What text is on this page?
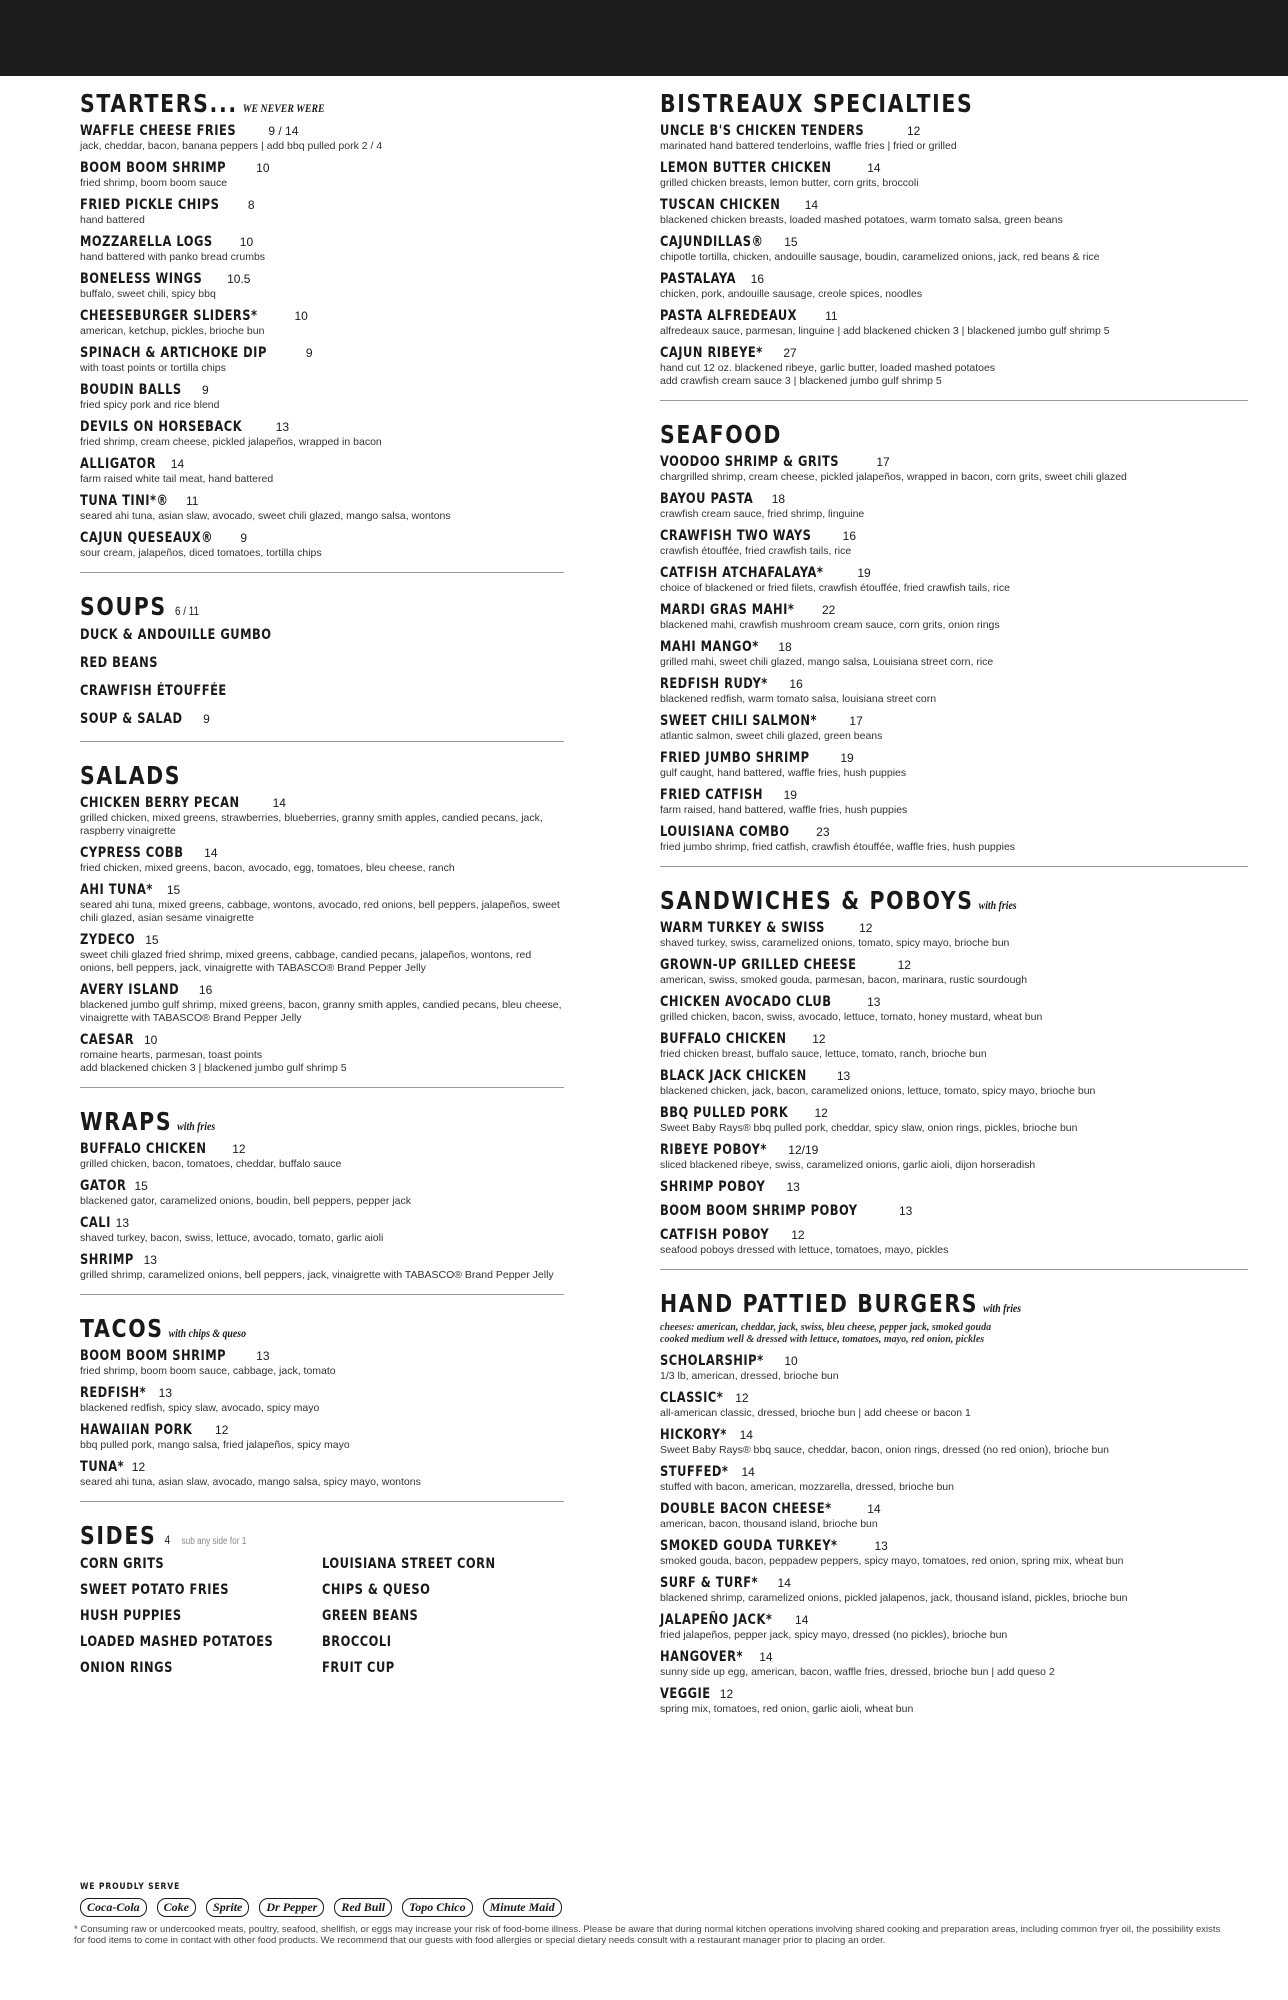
STARTERS... WE NEVER WERE
WAFFLE CHEESE FRIES	9 / 14
jack, cheddar, bacon, banana peppers | add bbq pulled pork 2 / 4
BOOM BOOM SHRIMP	10
fried shrimp, boom boom sauce
FRIED PICKLE CHIPS 8
hand battered
MOZZARELLA LOGS 10
hand battered with panko bread crumbs
BONELESS WINGS 10.5
buffalo, sweet chili, spicy bbq
CHEESEBURGER SLIDERS*	10
american, ketchup, pickles, brioche bun
SPINACH & ARTICHOKE DIP	9
with toast points or tortilla chips
BOUDIN BALLS 9
fried spicy pork and rice blend
DEVILS ON HORSEBACK	13
fried shrimp, cream cheese, pickled jalapeños, wrapped in bacon
ALLIGATOR 14
farm raised white tail meat, hand battered
TUNA TINI*® 11
seared ahi tuna, asian slaw, avocado, sweet chili glazed, mango salsa, wontons
CAJUN QUESEAUX® 9
sour cream, jalapeños, diced tomatoes, tortilla chips
SOUPS 6 / 11
DUCK & ANDOUILLE GUMBO
RED BEANS
CRAWFISH ÉTOUFFÉE
SOUP & SALAD 9
SALADS
CHICKEN BERRY PECAN	14
grilled chicken, mixed greens, strawberries, blueberries, granny smith apples, candied pecans, jack, raspberry vinaigrette
CYPRESS COBB 14
fried chicken, mixed greens, bacon, avocado, egg, tomatoes, bleu cheese, ranch
AHI TUNA* 15
seared ahi tuna, mixed greens, cabbage, wontons, avocado, red onions, bell peppers, jalapeños, sweet chili glazed, asian sesame vinaigrette
ZYDECO 15
sweet chili glazed fried shrimp, mixed greens, cabbage, candied pecans, jalapeños, wontons, red onions, bell peppers, jack, vinaigrette with TABASCO® Brand Pepper Jelly
AVERY ISLAND 16
blackened jumbo gulf shrimp, mixed greens, bacon, granny smith apples, candied pecans, bleu cheese, vinaigrette with TABASCO® Brand Pepper Jelly
CAESAR 10
romaine hearts, parmesan, toast points
add blackened chicken 3 | blackened jumbo gulf shrimp 5
WRAPS with fries
BUFFALO CHICKEN 12
grilled chicken, bacon, tomatoes, cheddar, buffalo sauce
GATOR 15
blackened gator, caramelized onions, boudin, bell peppers, pepper jack
CALI 13
shaved turkey, bacon, swiss, lettuce, avocado, tomato, garlic aioli
SHRIMP 13
grilled shrimp, caramelized onions, bell peppers, jack, vinaigrette with TABASCO® Brand Pepper Jelly
TACOS with chips & queso
BOOM BOOM SHRIMP	13
fried shrimp, boom boom sauce, cabbage, jack, tomato
REDFISH* 13
blackened redfish, spicy slaw, avocado, spicy mayo
HAWAIIAN PORK 12
bbq pulled pork, mango salsa, fried jalapeños, spicy mayo
TUNA* 12
seared ahi tuna, asian slaw, avocado, mango salsa, spicy mayo, wontons
SIDES 4 sub any side for 1
CORN GRITS	LOUISIANA STREET CORN
SWEET POTATO FRIES	CHIPS & QUESO
HUSH PUPPIES	GREEN BEANS
LOADED MASHED POTATOES	BROCCOLI
ONION RINGS	FRUIT CUP
BISTREAUX SPECIALTIES
UNCLE B'S CHICKEN TENDERS	12
marinated hand battered tenderloins, waffle fries | fried or grilled
LEMON BUTTER CHICKEN	14
grilled chicken breasts, lemon butter, corn grits, broccoli
TUSCAN CHICKEN 14
blackened chicken breasts, loaded mashed potatoes, warm tomato salsa, green beans
CAJUNDILLAS® 15
chipotle tortilla, chicken, andouille sausage, boudin, caramelized onions, jack, red beans & rice
PASTALAYA 16
chicken, pork, andouille sausage, creole spices, noodles
PASTA ALFREDEAUX 11
alfredeaux sauce, parmesan, linguine | add blackened chicken 3 | blackened jumbo gulf shrimp 5
CAJUN RIBEYE* 27
hand cut 12 oz. blackened ribeye, garlic butter, loaded mashed potatoes
add crawfish cream sauce 3 | blackened jumbo gulf shrimp 5
SEAFOOD
VOODOO SHRIMP & GRITS	17
chargrilled shrimp, cream cheese, pickled jalapeños, wrapped in bacon, corn grits, sweet chili glazed
BAYOU PASTA 18
crawfish cream sauce, fried shrimp, linguine
CRAWFISH TWO WAYS	16
crawfish étouffée, fried crawfish tails, rice
CATFISH ATCHAFALAYA*	19
choice of blackened or fried filets, crawfish étouffée, fried crawfish tails, rice
MARDI GRAS MAHI* 22
blackened mahi, crawfish mushroom cream sauce, corn grits, onion rings
MAHI MANGO* 18
grilled mahi, sweet chili glazed, mango salsa, Louisiana street corn, rice
REDFISH RUDY* 16
blackened redfish, warm tomato salsa, louisiana street corn
SWEET CHILI SALMON*	17
atlantic salmon, sweet chili glazed, green beans
FRIED JUMBO SHRIMP	19
gulf caught, hand battered, waffle fries, hush puppies
FRIED CATFISH 19
farm raised, hand battered, waffle fries, hush puppies
LOUISIANA COMBO 23
fried jumbo shrimp, fried catfish, crawfish étouffée, waffle fries, hush puppies
SANDWICHES & POBOYS with fries
WARM TURKEY & SWISS	12
shaved turkey, swiss, caramelized onions, tomato, spicy mayo, brioche bun
GROWN-UP GRILLED CHEESE	12
american, swiss, smoked gouda, parmesan, bacon, marinara, rustic sourdough
CHICKEN AVOCADO CLUB	13
grilled chicken, bacon, swiss, avocado, lettuce, tomato, honey mustard, wheat bun
BUFFALO CHICKEN 12
fried chicken breast, buffalo sauce, lettuce, tomato, ranch, brioche bun
BLACK JACK CHICKEN	13
blackened chicken, jack, bacon, caramelized onions, lettuce, tomato, spicy mayo, brioche bun
BBQ PULLED PORK 12
Sweet Baby Rays® bbq pulled pork, cheddar, spicy slaw, onion rings, pickles, brioche bun
RIBEYE POBOY* 12/19
sliced blackened ribeye, swiss, caramelized onions, garlic aioli, dijon horseradish
SHRIMP POBOY 13
BOOM BOOM SHRIMP POBOY	13
CATFISH POBOY 12
seafood poboys dressed with lettuce, tomatoes, mayo, pickles
HAND PATTIED BURGERS with fries
cheeses: american, cheddar, jack, swiss, bleu cheese, pepper jack, smoked gouda
cooked medium well & dressed with lettuce, tomatoes, mayo, red onion, pickles
SCHOLARSHIP* 10
1/3 lb, american, dressed, brioche bun
CLASSIC* 12
all-american classic, dressed, brioche bun | add cheese or bacon 1
HICKORY* 14
Sweet Baby Rays® bbq sauce, cheddar, bacon, onion rings, dressed (no red onion), brioche bun
STUFFED* 14
stuffed with bacon, american, mozzarella, dressed, brioche bun
DOUBLE BACON CHEESE*	14
american, bacon, thousand island, brioche bun
SMOKED GOUDA TURKEY*	13
smoked gouda, bacon, peppadew peppers, spicy mayo, tomatoes, red onion, spring mix, wheat bun
SURF & TURF* 14
blackened shrimp, caramelized onions, pickled jalapenos, jack, thousand island, pickles, brioche bun
JALAPEÑO JACK* 14
fried jalapeños, pepper jack, spicy mayo, dressed (no pickles), brioche bun
HANGOVER* 14
sunny side up egg, american, bacon, waffle fries, dressed, brioche bun | add queso 2
VEGGIE 12
spring mix, tomatoes, red onion, garlic aioli, wheat bun
WE PROUDLY SERVE
Coca-Cola	Coke	Sprite	Dr Pepper	Red Bull	Topo Chico	Minute Maid
* Consuming raw or undercooked meats, poultry, seafood, shellfish, or eggs may increase your risk of food-borne illness. Please be aware that during normal kitchen operations involving shared cooking and preparation areas, including common fryer oil, the possibility exists for food items to come in contact with other food products. We recommend that our guests with food allergies or special dietary needs consult with a restaurant manager prior to placing an order.
